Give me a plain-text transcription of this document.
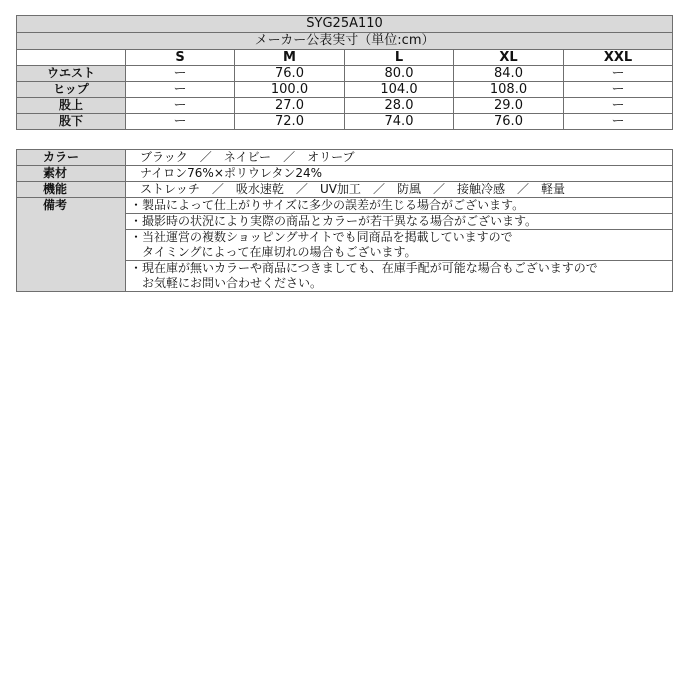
SYG25A110					
メーカー公表実寸（単位:cm）					
	S	M	L	XL	XXL
ウエスト	ー	76.0	80.0	84.0	ー
ヒップ	ー	100.0	104.0	108.0	ー
股上	ー	27.0	28.0	29.0	ー
股下	ー	72.0	74.0	76.0	ー
カラー	ブラック ／ ネイビー ／ オリーブ
素材	ナイロン76%×ポリウレタン24%
機能	ストレッチ ／ 吸水速乾 ／ UV加工 ／ 防風 ／ 接触冷感 ／ 軽量
備考	・製品によって仕上がりサイズに多少の誤差が生じる場合がございます。

	・撮影時の状況により実際の商品とカラーが若干異なる場合がございます。

	・当社運営の複数ショッピングサイトでも同商品を掲載していますので
　タイミングによって在庫切れの場合もございます。

	・現在庫が無いカラーや商品につきましても、在庫手配が可能な場合もございますので
　お気軽にお問い合わせください。
